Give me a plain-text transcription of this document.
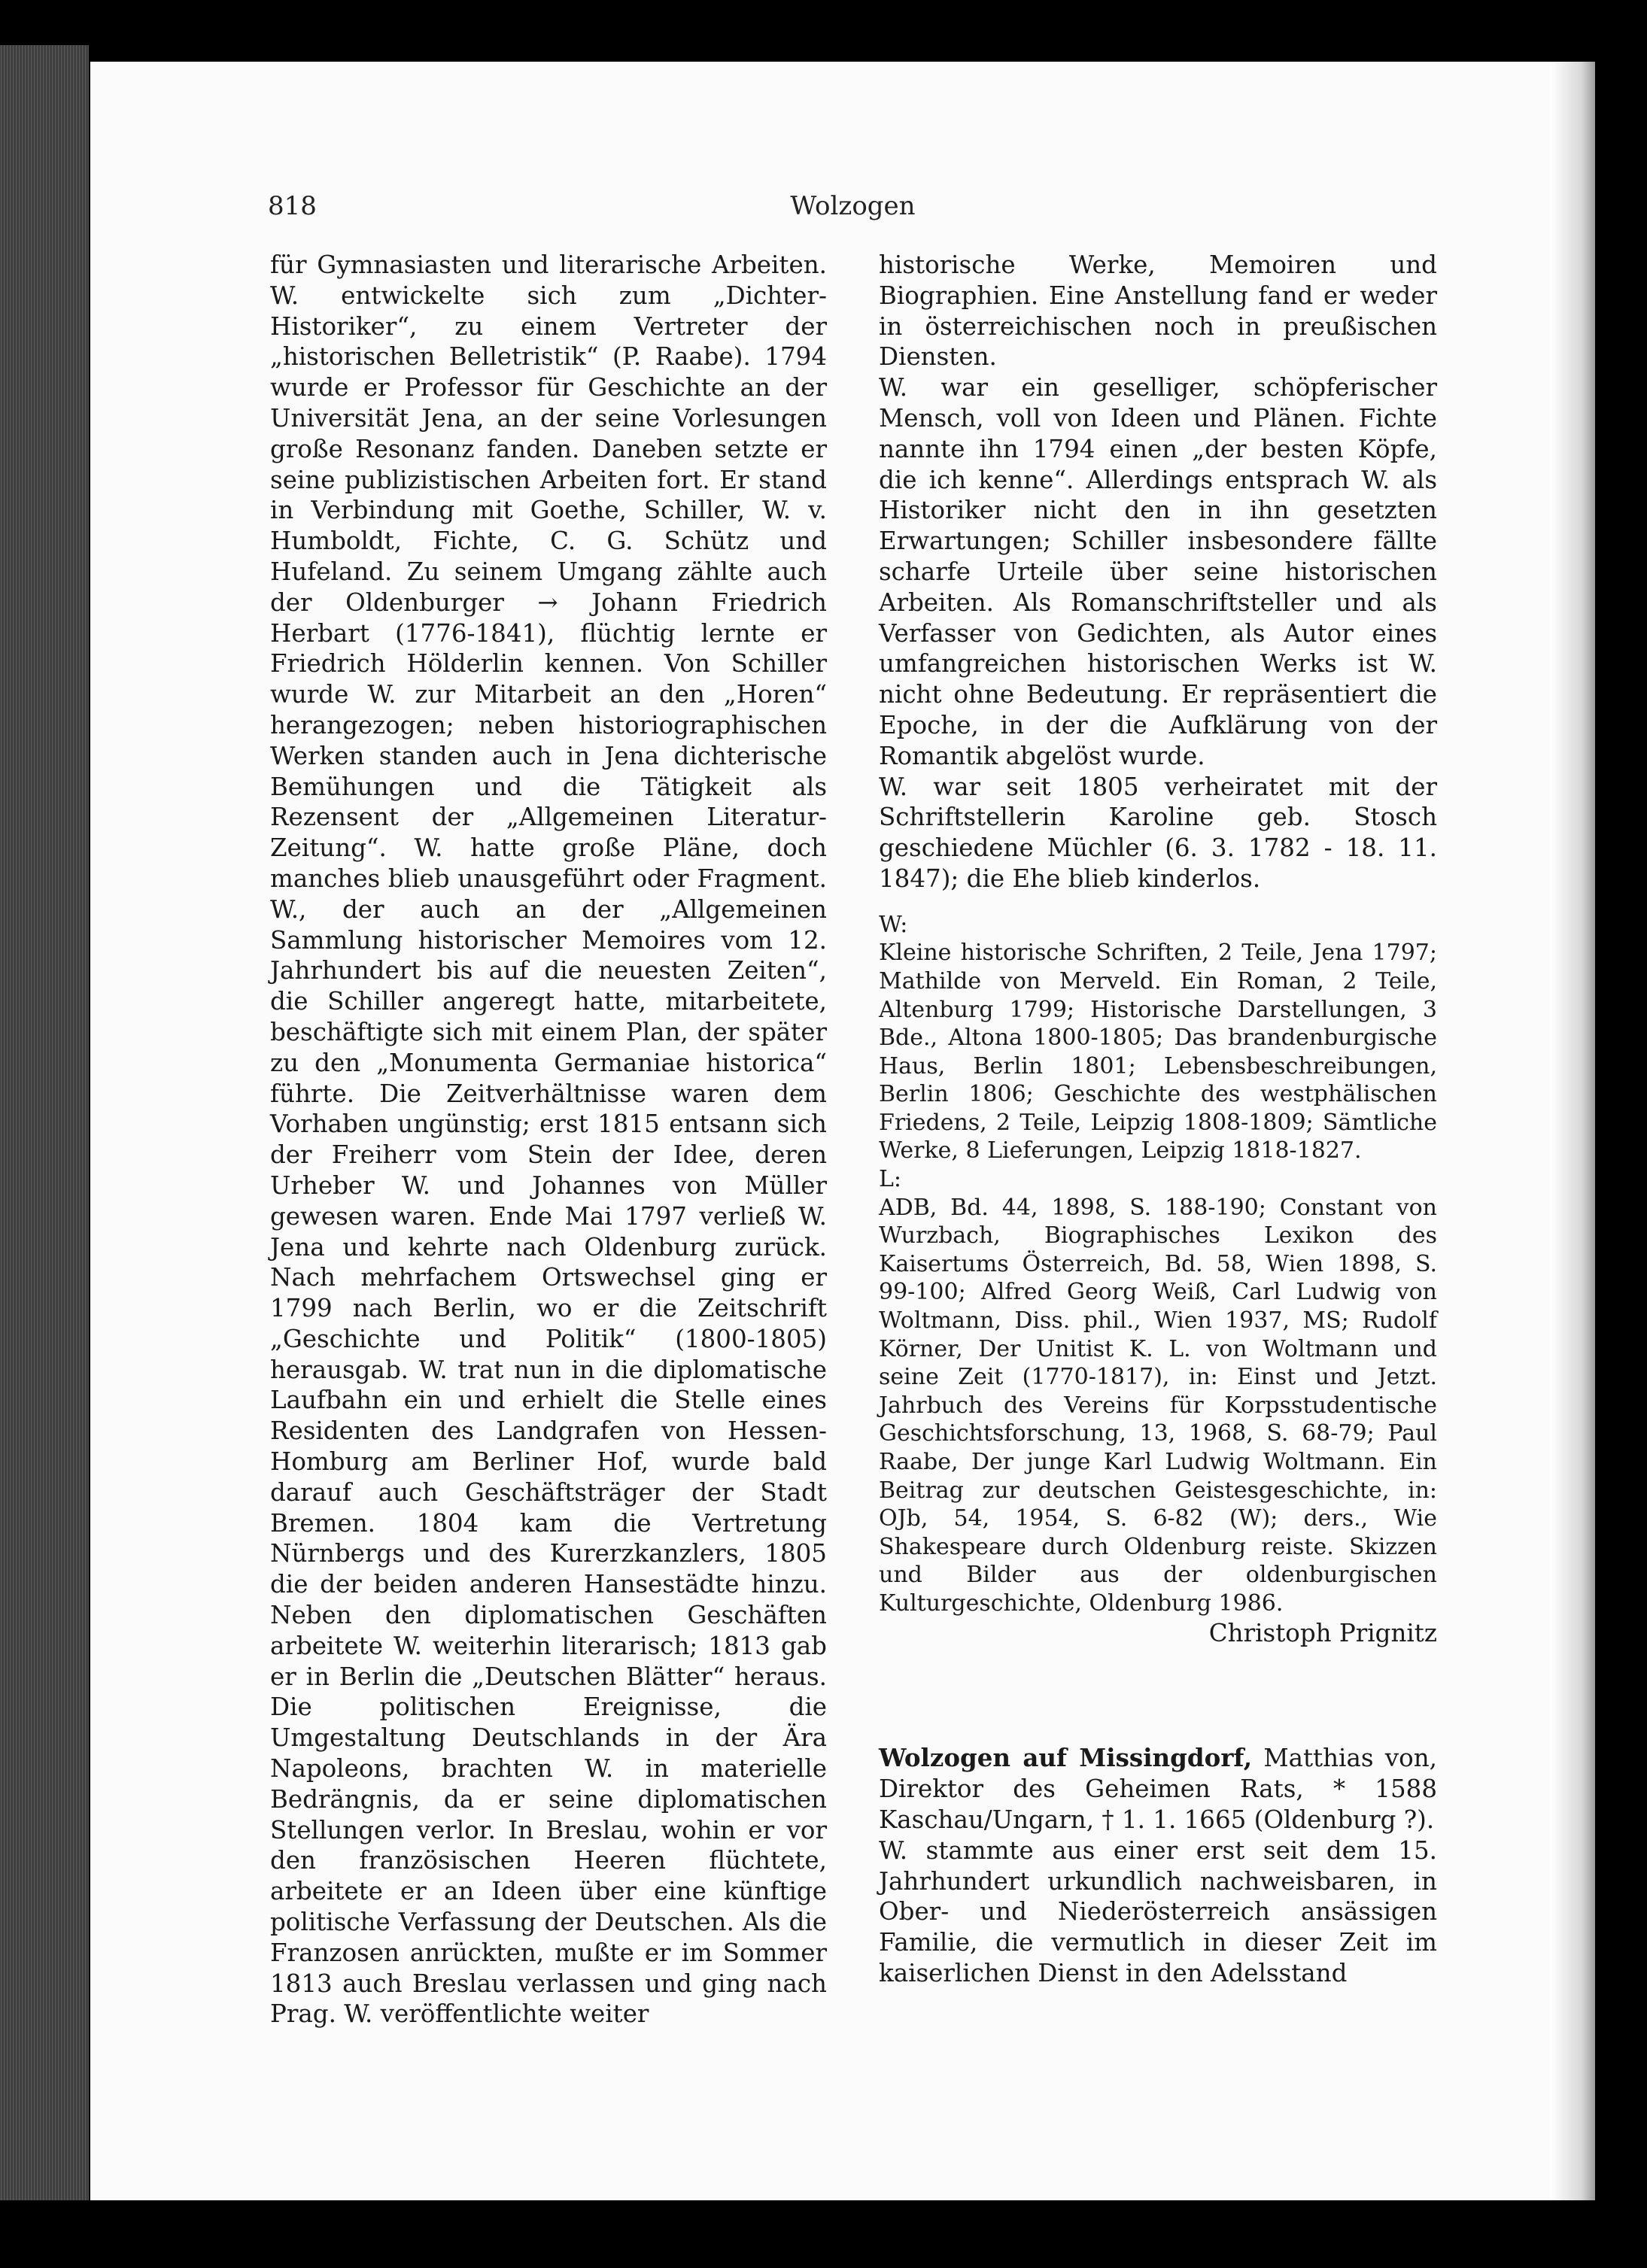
818	Wolzogen

für Gymnasiasten und literarische Arbeiten. W. entwickelte sich zum „Dichter-Historiker“, zu einem Vertreter der „historischen Belletristik“ (P. Raabe). 1794 wurde er Professor für Geschichte an der Universität Jena, an der seine Vorlesungen große Resonanz fanden. Daneben setzte er seine publizistischen Arbeiten fort. Er stand in Verbindung mit Goethe, Schiller, W. v. Humboldt, Fichte, C. G. Schütz und Hufeland. Zu seinem Umgang zählte auch der Oldenburger → Johann Friedrich Herbart (1776-1841), flüchtig lernte er Friedrich Hölderlin kennen. Von Schiller wurde W. zur Mitarbeit an den „Horen“ herangezogen; neben historiographischen Werken standen auch in Jena dichterische Bemühungen und die Tätigkeit als Rezensent der „Allgemeinen Literatur-Zeitung“. W. hatte große Pläne, doch manches blieb unausgeführt oder Fragment. W., der auch an der „Allgemeinen Sammlung historischer Memoires vom 12. Jahrhundert bis auf die neuesten Zeiten“, die Schiller angeregt hatte, mitarbeitete, beschäftigte sich mit einem Plan, der später zu den „Monumenta Germaniae historica“ führte. Die Zeitverhältnisse waren dem Vorhaben ungünstig; erst 1815 entsann sich der Freiherr vom Stein der Idee, deren Urheber W. und Johannes von Müller gewesen waren. Ende Mai 1797 verließ W. Jena und kehrte nach Oldenburg zurück. Nach mehrfachem Ortswechsel ging er 1799 nach Berlin, wo er die Zeitschrift „Geschichte und Politik“ (1800-1805) herausgab. W. trat nun in die diplomatische Laufbahn ein und erhielt die Stelle eines Residenten des Landgrafen von Hessen-Homburg am Berliner Hof, wurde bald darauf auch Geschäftsträger der Stadt Bremen. 1804 kam die Vertretung Nürnbergs und des Kurerzkanzlers, 1805 die der beiden anderen Hansestädte hinzu. Neben den diplomatischen Geschäften arbeitete W. weiterhin literarisch; 1813 gab er in Berlin die „Deutschen Blätter“ heraus. Die politischen Ereignisse, die Umgestaltung Deutschlands in der Ära Napoleons, brachten W. in materielle Bedrängnis, da er seine diplomatischen Stellungen verlor. In Breslau, wohin er vor den französischen Heeren flüchtete, arbeitete er an Ideen über eine künftige politische Verfassung der Deutschen. Als die Franzosen anrückten, mußte er im Sommer 1813 auch Breslau verlassen und ging nach Prag. W. veröffentlichte weiter

historische Werke, Memoiren und Biographien. Eine Anstellung fand er weder in österreichischen noch in preußischen Diensten.

W. war ein geselliger, schöpferischer Mensch, voll von Ideen und Plänen. Fichte nannte ihn 1794 einen „der besten Köpfe, die ich kenne“. Allerdings entsprach W. als Historiker nicht den in ihn gesetzten Erwartungen; Schiller insbesondere fällte scharfe Urteile über seine historischen Arbeiten. Als Romanschriftsteller und als Verfasser von Gedichten, als Autor eines umfangreichen historischen Werks ist W. nicht ohne Bedeutung. Er repräsentiert die Epoche, in der die Aufklärung von der Romantik abgelöst wurde.

W. war seit 1805 verheiratet mit der Schriftstellerin Karoline geb. Stosch geschiedene Müchler (6. 3. 1782 - 18. 11. 1847); die Ehe blieb kinderlos.

W:

Kleine historische Schriften, 2 Teile, Jena 1797; Mathilde von Merveld. Ein Roman, 2 Teile, Altenburg 1799; Historische Darstellungen, 3 Bde., Altona 1800-1805; Das brandenburgische Haus, Berlin 1801; Lebensbeschreibungen, Berlin 1806; Geschichte des westphälischen Friedens, 2 Teile, Leipzig 1808-1809; Sämtliche Werke, 8 Lieferungen, Leipzig 1818-1827.

L:

ADB, Bd. 44, 1898, S. 188-190; Constant von Wurzbach, Biographisches Lexikon des Kaisertums Österreich, Bd. 58, Wien 1898, S. 99-100; Alfred Georg Weiß, Carl Ludwig von Woltmann, Diss. phil., Wien 1937, MS; Rudolf Körner, Der Unitist K. L. von Woltmann und seine Zeit (1770-1817), in: Einst und Jetzt. Jahrbuch des Vereins für Korpsstudentische Geschichtsforschung, 13, 1968, S. 68-79; Paul Raabe, Der junge Karl Ludwig Woltmann. Ein Beitrag zur deutschen Geistesgeschichte, in: OJb, 54, 1954, S. 6-82 (W); ders., Wie Shakespeare durch Oldenburg reiste. Skizzen und Bilder aus der oldenburgischen Kulturgeschichte, Oldenburg 1986.

Christoph Prignitz

Wolzogen auf Missingdorf, Matthias von, Direktor des Geheimen Rats, * 1588 Kaschau/Ungarn, † 1. 1. 1665 (Oldenburg ?).

W. stammte aus einer erst seit dem 15. Jahrhundert urkundlich nachweisbaren, in Ober- und Niederösterreich ansässigen Familie, die vermutlich in dieser Zeit im kaiserlichen Dienst in den Adelsstand
